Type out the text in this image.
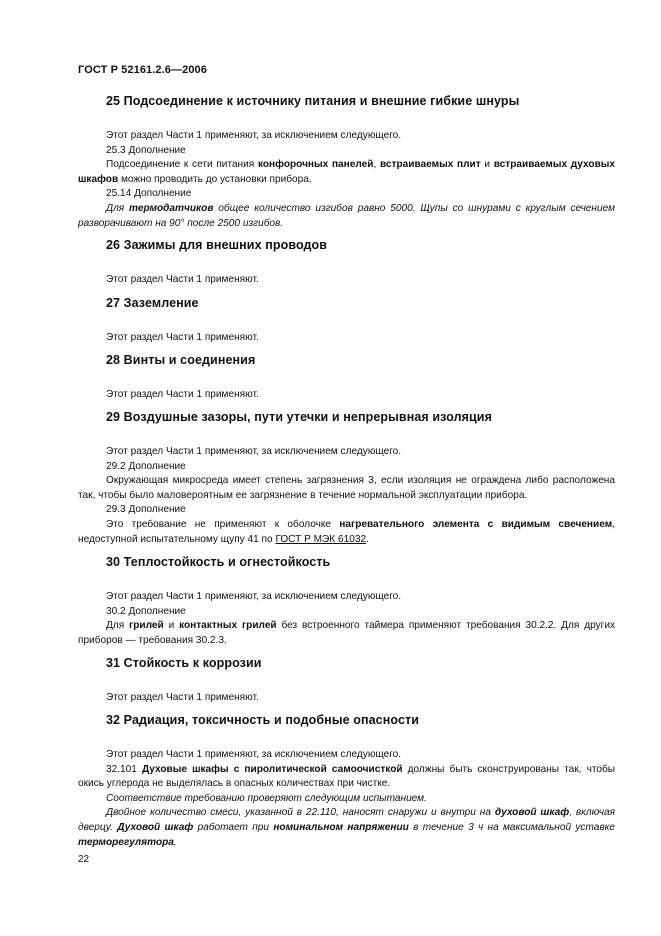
ГОСТ Р 52161.2.6—2006
25 Подсоединение к источнику питания и внешние гибкие шнуры

Этот раздел Части 1 применяют, за исключением следующего.

25.3 Дополнение

Подсоединение к сети питания конфорочных панелей, встраиваемых плит и встраиваемых духовых шкафов можно проводить до установки прибора.

25.14 Дополнение

Для термодатчиков общее количество изгибов равно 5000. Щупы со шнурами с круглым сечением разворачивают на 90° после 2500 изгибов.

26 Зажимы для внешних проводов

Этот раздел Части 1 применяют.

27 Заземление

Этот раздел Части 1 применяют.

28 Винты и соединения

Этот раздел Части 1 применяют.

29 Воздушные зазоры, пути утечки и непрерывная изоляция

Этот раздел Части 1 применяют, за исключением следующего.

29.2 Дополнение

Окружающая микросреда имеет степень загрязнения 3, если изоляция не ограждена либо расположена так, чтобы было маловероятным ее загрязнение в течение нормальной эксплуатации прибора.

29.3 Дополнение

Это требование не применяют к оболочке нагревательного элемента с видимым свечением, недоступной испытательному щупу 41 по ГОСТ Р МЭК 61032.

30 Теплостойкость и огнестойкость

Этот раздел Части 1 применяют, за исключением следующего.

30.2 Дополнение

Для грилей и контактных грилей без встроенного таймера применяют требования 30.2.2. Для других приборов — требования 30.2.3.

31 Стойкость к коррозии

Этот раздел Части 1 применяют.

32 Радиация, токсичность и подобные опасности

Этот раздел Части 1 применяют, за исключением следующего.

32.101 Духовые шкафы с пиролитической самоочисткой должны быть сконструированы так, чтобы окись углерода не выделялась в опасных количествах при чистке.

Соответствие требованию проверяют следующим испытанием.

Двойное количество смеси, указанной в 22.110, наносят снаружи и внутри на духовой шкаф, включая дверцу. Духовой шкаф работает при номинальном напряжении в течение 3 ч на максимальной уставке терморегулятора.

22
